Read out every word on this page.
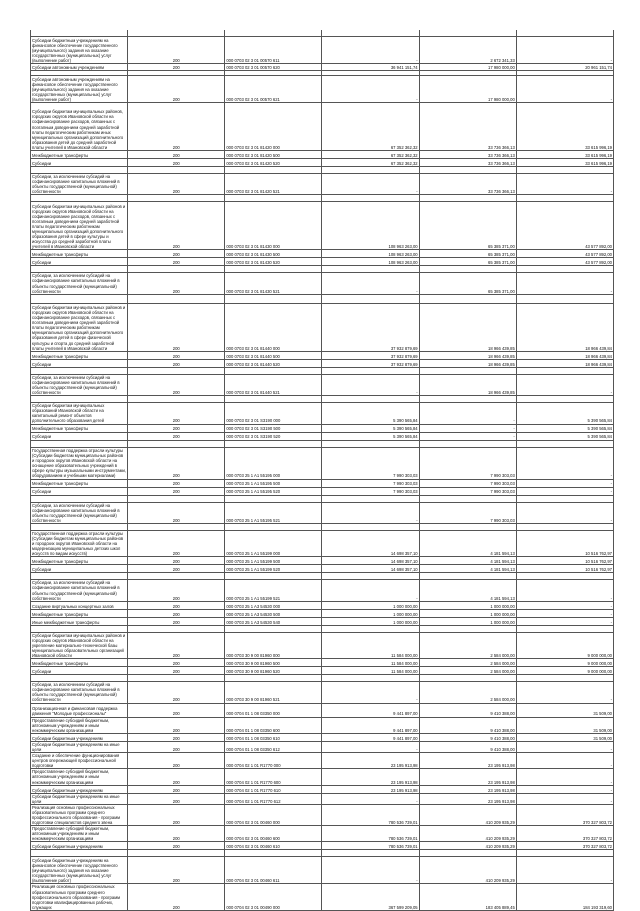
Субсидии бюджетным учреждениям на финансовое обеспечение государственного (муниципального) задания на оказание государственных (муниципальных) услуг (выполнение работ)	200	000 0703 02 3 01 00570 611	-	2 672 341,33	-
Субсидии автономным учреждениям	200	000 0703 02 3 01 00570 620	36 941 151,74	17 980 000,00	20 961 151,74

Субсидии автономным учреждениям на финансовое обеспечение государственного (муниципального) задания на оказание государственных (муниципальных) услуг (выполнение работ)	200	000 0703 02 3 01 00570 621	-	17 980 000,00	-
Субсидии бюджетам муниципальных районов, городских округов Ивановской области на софинансирование расходов, связанных с поэтапным доведением средней заработной платы педагогическим работникам иных муниципальных организаций дополнительного образования детей до средней заработной платы учителей в Ивановской области	200	000 0703 02 3 01 81420 000	67 352 362,32	33 736 366,13	33 615 996,19
Межбюджетные трансферты	200	000 0703 02 3 01 81420 500	67 352 362,32	33 736 366,13	33 615 996,19
Субсидии	200	000 0703 02 3 01 81420 520	67 352 362,32	33 736 366,13	33 615 996,19

Субсидии, за исключением субсидий на софинансирование капитальных вложений в объекты государственной (муниципальной) собственности	200	000 0703 02 3 01 81420 521	-	33 736 366,13	-

Субсидии бюджетам муниципальных районов и городских округов Ивановской области на софинансирование расходов, связанных с поэтапным доведением средней заработной платы педагогическим работникам муниципальных организаций дополнительного образования детей в сфере культуры и искусства до средней заработной платы учителей в Ивановской области	200	000 0703 02 3 01 81430 000	108 963 263,00	65 385 371,00	43 577 892,00
Межбюджетные трансферты	200	000 0703 02 3 01 81430 500	108 963 263,00	65 385 371,00	43 577 892,00
Субсидии	200	000 0703 02 3 01 81430 520	108 963 263,00	65 385 371,00	43 577 892,00

Субсидии, за исключением субсидий на софинансирование капитальных вложений в объекты государственной (муниципальной) собственности	200	000 0703 02 3 01 81430 521	-	65 385 371,00	-

Субсидии бюджетам муниципальных районов и городских округов Ивановской области на софинансирование расходов, связанных с поэтапным доведением средней заработной платы педагогическим работникам муниципальных организаций дополнительного образования детей в сфере физической культуры и спорта до средней заработной платы учителей в Ивановской области	200	000 0703 02 3 01 81440 000	37 932 879,69	18 966 439,85	18 966 439,84
Межбюджетные трансферты	200	000 0703 02 3 01 81440 500	37 932 879,69	18 966 439,85	18 966 439,84
Субсидии	200	000 0703 02 3 01 81440 520	37 932 879,69	18 966 439,85	18 966 439,84

Субсидии, за исключением субсидий на софинансирование капитальных вложений в объекты государственной (муниципальной) собственности	200	000 0703 02 3 01 81440 521	-	18 966 439,85	-

Субсидии бюджетам муниципальных образований Ивановской области на капитальный ремонт объектов дополнительного образования детей	200	000 0703 02 3 01 S3190 000	5 390 565,84	-	5 390 565,84
Межбюджетные трансферты	200	000 0703 02 3 01 S3190 500	5 390 565,84	-	5 390 565,84
Субсидии	200	000 0703 02 3 01 S3190 520	5 390 565,84	-	5 390 565,84

Государственная поддержка отрасли культуры (Субсидии бюджетам муниципальных районов и городских округов Ивановской области на оснащение образовательных учреждений в сфере культуры музыкальными инструментами, оборудованием и учебными материалами)	200	000 0703 25 1 A1 55195 000	7 990 303,03	7 990 303,03	-
Межбюджетные трансферты	200	000 0703 25 1 A1 55195 500	7 990 303,03	7 990 303,03	-
Субсидии	200	000 0703 25 1 A1 55195 520	7 990 303,03	7 990 303,03	-

Субсидии, за исключением субсидий на софинансирование капитальных вложений в объекты государственной (муниципальной) собственности	200	000 0703 25 1 A1 55195 521	-	7 990 303,03	-

Государственная поддержка отрасли культуры (Субсидии бюджетам муниципальных районов и городских округов Ивановской области на модернизацию муниципальных детских школ искусств по видам искусств)	200	000 0703 25 1 A1 55199 000	14 698 357,10	4 181 594,13	10 516 762,97
Межбюджетные трансферты	200	000 0703 25 1 A1 55199 500	14 698 357,10	4 181 594,13	10 516 762,97
Субсидии	200	000 0703 25 1 A1 55199 520	14 698 357,10	4 181 594,13	10 516 762,97

Субсидии, за исключением субсидий на софинансирование капитальных вложений в объекты государственной (муниципальной) собственности	200	000 0703 25 1 A1 55199 521	-	4 181 594,13	-
Создание виртуальных концертных залов	200	000 0703 25 1 A3 54530 000	1 000 000,00	1 000 000,00	-
Межбюджетные трансферты	200	000 0703 25 1 A3 54530 500	1 000 000,00	1 000 000,00	-
Иные межбюджетные трансферты	200	000 0703 25 1 A3 54530 540	1 000 000,00	1 000 000,00	-

Субсидии бюджетам муниципальных районов и городских округов Ивановской области на укрепление материально-технической базы муниципальных образовательных организаций Ивановской области	200	000 0703 30 9 00 81960 000	11 584 000,00	2 584 000,00	9 000 000,00
Межбюджетные трансферты	200	000 0703 30 9 00 81960 500	11 584 000,00	2 584 000,00	9 000 000,00
Субсидии	200	000 0703 30 9 00 81960 520	11 584 000,00	2 584 000,00	9 000 000,00

Субсидии, за исключением субсидий на софинансирование капитальных вложений в объекты государственной (муниципальной) собственности	200	000 0703 30 9 00 81960 521	-	2 584 000,00	-
Организационная и финансовая поддержка движения "Молодые профессионалы"	200	000 0704 01 1 08 03350 000	9 441 897,00	9 410 388,00	31 509,00
Предоставление субсидий бюджетным, автономным учреждениям и иным некоммерческим организациям	200	000 0704 01 1 08 03350 600	9 441 897,00	9 410 388,00	31 509,00
Субсидии бюджетным учреждениям	200	000 0704 01 1 08 03350 610	9 441 897,00	9 410 388,00	31 509,00
Субсидии бюджетным учреждениям на иные цели	200	000 0704 01 1 08 03350 612	-	9 410 388,00	-
Создание и обеспечение функционирования центров опережающей профессиональной подготовки	200	000 0704 02 1 01 R1770 000	23 195 913,98	23 195 913,98	-
Предоставление субсидий бюджетным, автономным учреждениям и иным некоммерческим организациям	200	000 0704 02 1 01 R1770 600	23 195 913,98	23 195 913,98	-
Субсидии бюджетным учреждениям	200	000 0704 02 1 01 R1770 610	23 195 913,98	23 195 913,98	-
Субсидии бюджетным учреждениям на иные цели	200	000 0704 02 1 01 R1770 612	-	23 195 913,98	-
Реализация основных профессиональных образовательных программ среднего профессионального образования - программ подготовки специалистов среднего звена	200	000 0704 02 3 01 00460 000	780 536 739,01	410 209 935,29	370 327 803,72
Предоставление субсидий бюджетным, автономным учреждениям и иным некоммерческим организациям	200	000 0704 02 3 01 00460 600	780 536 739,01	410 209 935,29	370 327 803,72
Субсидии бюджетным учреждениям	200	000 0704 02 3 01 00460 610	780 536 739,01	410 209 935,29	370 327 803,72

Субсидии бюджетным учреждениям на финансовое обеспечение государственного (муниципального) задания на оказание государственных (муниципальных) услуг (выполнение работ)	200	000 0704 02 3 01 00460 611	-	410 209 935,29	-
Реализация основных профессиональных образовательных программ среднего профессионального образования - программ подготовки квалифицированных рабочих, служащих	200	000 0704 02 3 01 00490 000	367 599 209,05	183 405 889,45	184 193 319,60
